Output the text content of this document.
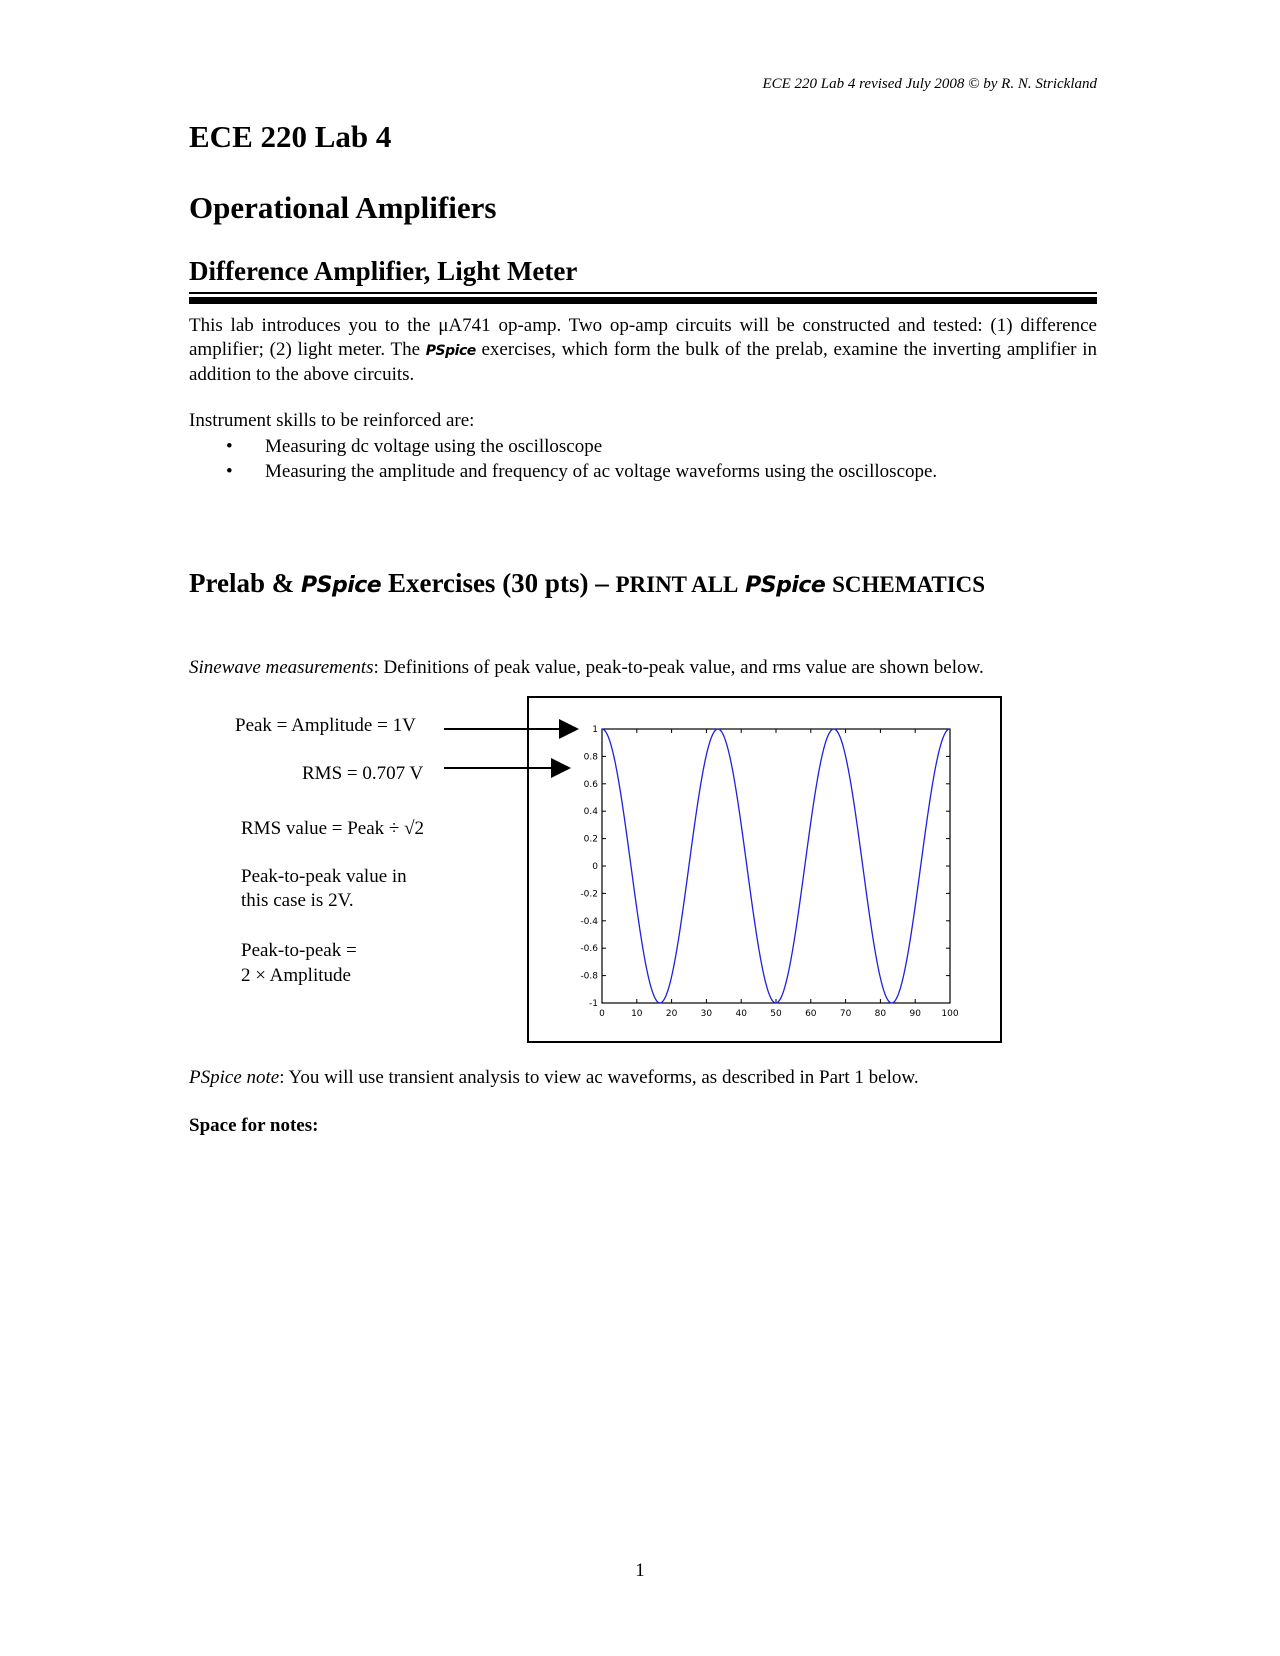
ECE 220 Lab 4 revised July 2008 © by R. N. Strickland
ECE 220 Lab 4
Operational Amplifiers
Difference Amplifier, Light Meter
This lab introduces you to the μA741 op-amp. Two op-amp circuits will be constructed and tested: (1) difference amplifier; (2) light meter. The PSpice exercises, which form the bulk of the prelab, examine the inverting amplifier in addition to the above circuits.
Instrument skills to be reinforced are:
• Measuring dc voltage using the oscilloscope
• Measuring the amplitude and frequency of ac voltage waveforms using the oscilloscope.
Prelab & PSpice Exercises (30 pts) – PRINT ALL PSpice SCHEMATICS
Sinewave measurements: Definitions of peak value, peak-to-peak value, and rms value are shown below.
Peak = Amplitude = 1V
RMS = 0.707 V
RMS value = Peak ÷ √2
Peak-to-peak value in
this case is 2V.
Peak-to-peak =
2 × Amplitude
1
0.8
0.6
0.4
0.2
0
-0.2
-0.4
-0.6
-0.8
-1
0	10	20	30	40	50	60	70	80	90 100
PSpice note: You will use transient analysis to view ac waveforms, as described in Part 1 below.
Space for notes:
1
